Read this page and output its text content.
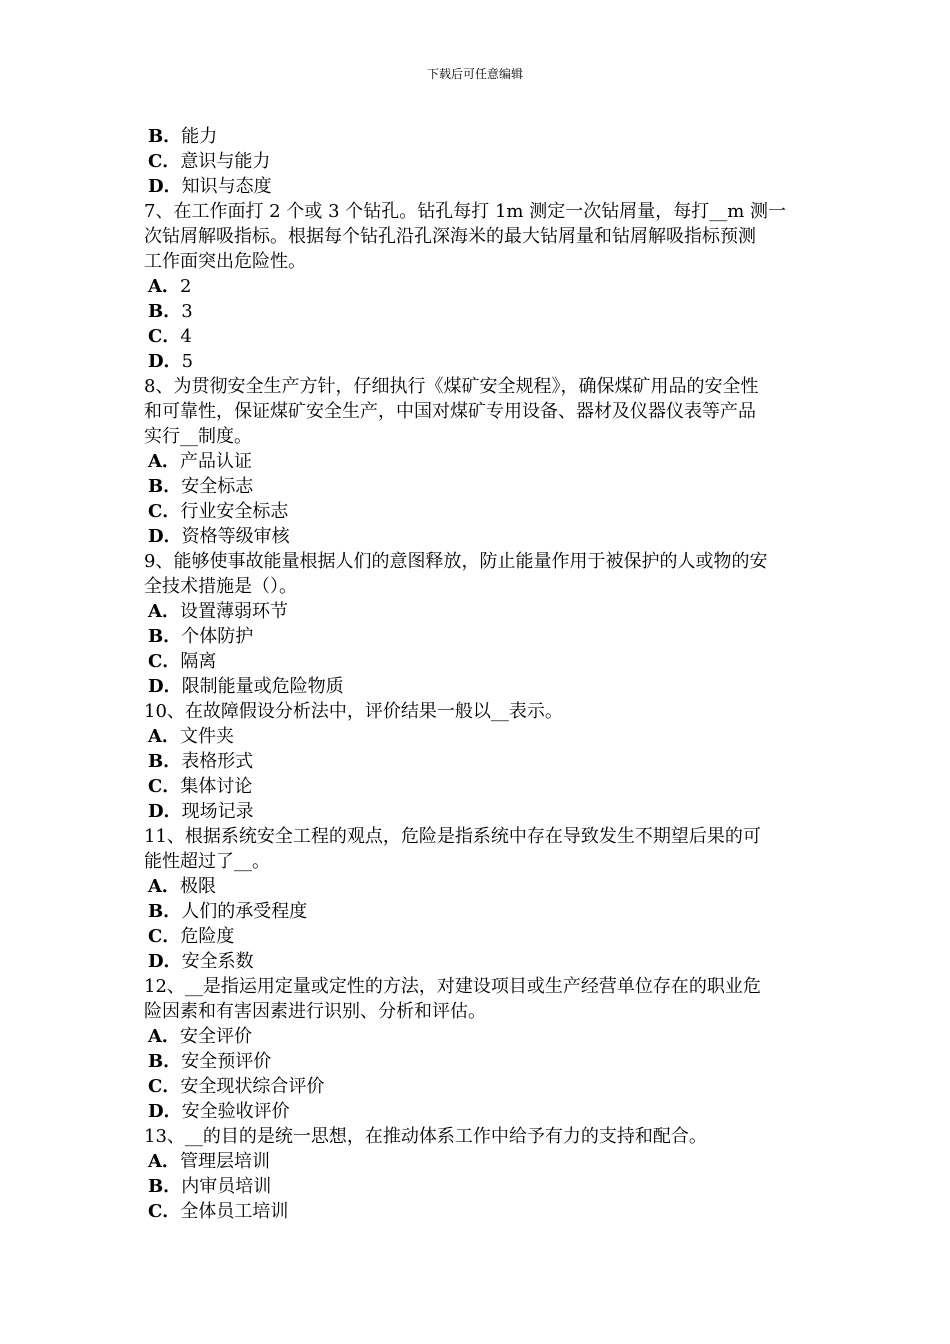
下载后可任意编辑
B．能力
C．意识与能力
D．知识与态度
7、在工作面打 2 个或 3 个钻孔。钻孔每打 1m 测定一次钻屑量，每打__m 测一
次钻屑解吸指标。根据每个钻孔沿孔深海米的最大钻屑量和钻屑解吸指标预测
工作面突出危险性。
A．2
B．3
C．4
D．5
8、为贯彻安全生产方针，仔细执行《煤矿安全规程》，确保煤矿用品的安全性
和可靠性，保证煤矿安全生产，中国对煤矿专用设备、器材及仪器仪表等产品
实行__制度。
A．产品认证
B．安全标志
C．行业安全标志
D．资格等级审核
9、能够使事故能量根据人们的意图释放，防止能量作用于被保护的人或物的安
全技术措施是（）。
A．设置薄弱环节
B．个体防护
C．隔离
D．限制能量或危险物质
10、在故障假设分析法中，评价结果一般以__表示。
A．文件夹
B．表格形式
C．集体讨论
D．现场记录
11、根据系统安全工程的观点，危险是指系统中存在导致发生不期望后果的可
能性超过了__。
A．极限
B．人们的承受程度
C．危险度
D．安全系数
12、__是指运用定量或定性的方法，对建设项目或生产经营单位存在的职业危
险因素和有害因素进行识别、分析和评估。
A．安全评价
B．安全预评价
C．安全现状综合评价
D．安全验收评价
13、__的目的是统一思想，在推动体系工作中给予有力的支持和配合。
A．管理层培训
B．内审员培训
C．全体员工培训
